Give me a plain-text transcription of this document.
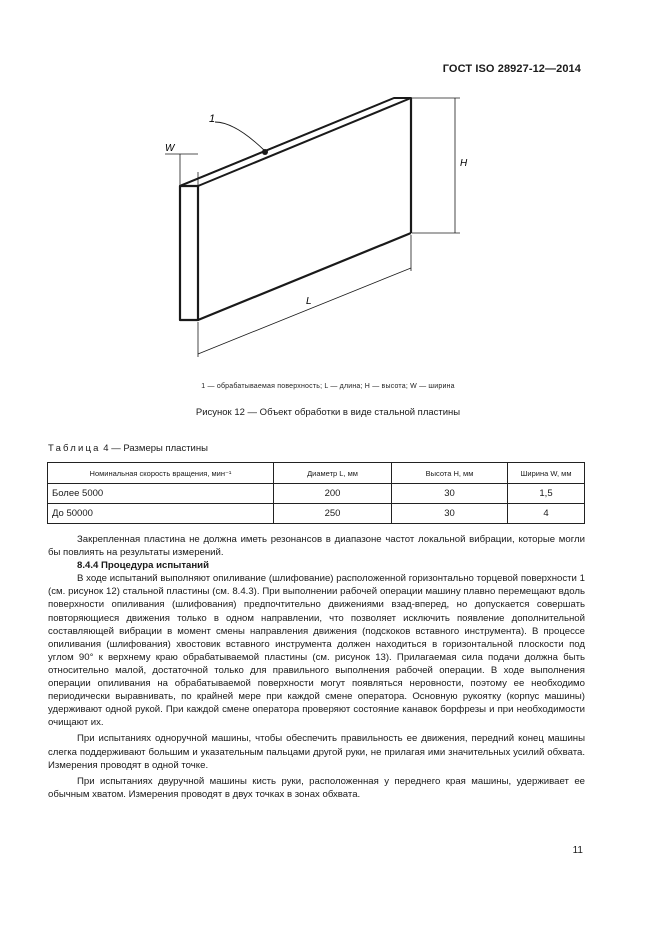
ГОСТ ISO 28927-12—2014
1
W
H
L
1 — обрабатываемая поверхность; L — длина; H — высота; W — ширина
Рисунок 12 — Объект обработки в виде стальной пластины
Таблица 4 — Размеры пластины
Номинальная скорость вращения, мин⁻¹	Диаметр L, мм	Высота H, мм	Ширина W, мм
Более 5000	200	30	1,5
До 50000	250	30	4

Закрепленная пластина не должна иметь резонансов в диапазоне частот локальной вибрации, которые могли бы повлиять на результаты измерений.

8.4.4 Процедура испытаний

В ходе испытаний выполняют опиливание (шлифование) расположенной горизонтально торцевой поверхности 1 (см. рисунок 12) стальной пластины (см. 8.4.3). При выполнении рабочей операции машину плавно перемещают вдоль поверхности опиливания (шлифования) предпочтительно движениями взад-вперед, но допускается совершать повторяющиеся движения только в одном направлении, что позволяет исключить появление дополнительной составляющей вибрации в момент смены направления движения (подскоков вставного инструмента). В процессе опиливания (шлифования) хвостовик вставного инструмента должен находиться в горизонтальной плоскости под углом 90° к верхнему краю обрабатываемой пластины (см. рисунок 13). Прилагаемая сила подачи должна быть относительно малой, достаточной только для правильного выполнения рабочей операции. В ходе выполнения операции опиливания на обрабатываемой поверхности могут появляться неровности, поэтому ее необходимо периодически выравнивать, по крайней мере при каждой смене оператора. Основную рукоятку (корпус машины) удерживают одной рукой. При каждой смене оператора проверяют состояние канавок борфрезы и при необходимости очищают их.

При испытаниях одноручной машины, чтобы обеспечить правильность ее движения, передний конец машины слегка поддерживают большим и указательным пальцами другой руки, не прилагая ими значительных усилий обхвата. Измерения проводят в одной точке.

При испытаниях двуручной машины кисть руки, расположенная у переднего края машины, удерживает ее обычным хватом. Измерения проводят в двух точках в зонах обхвата.

11
